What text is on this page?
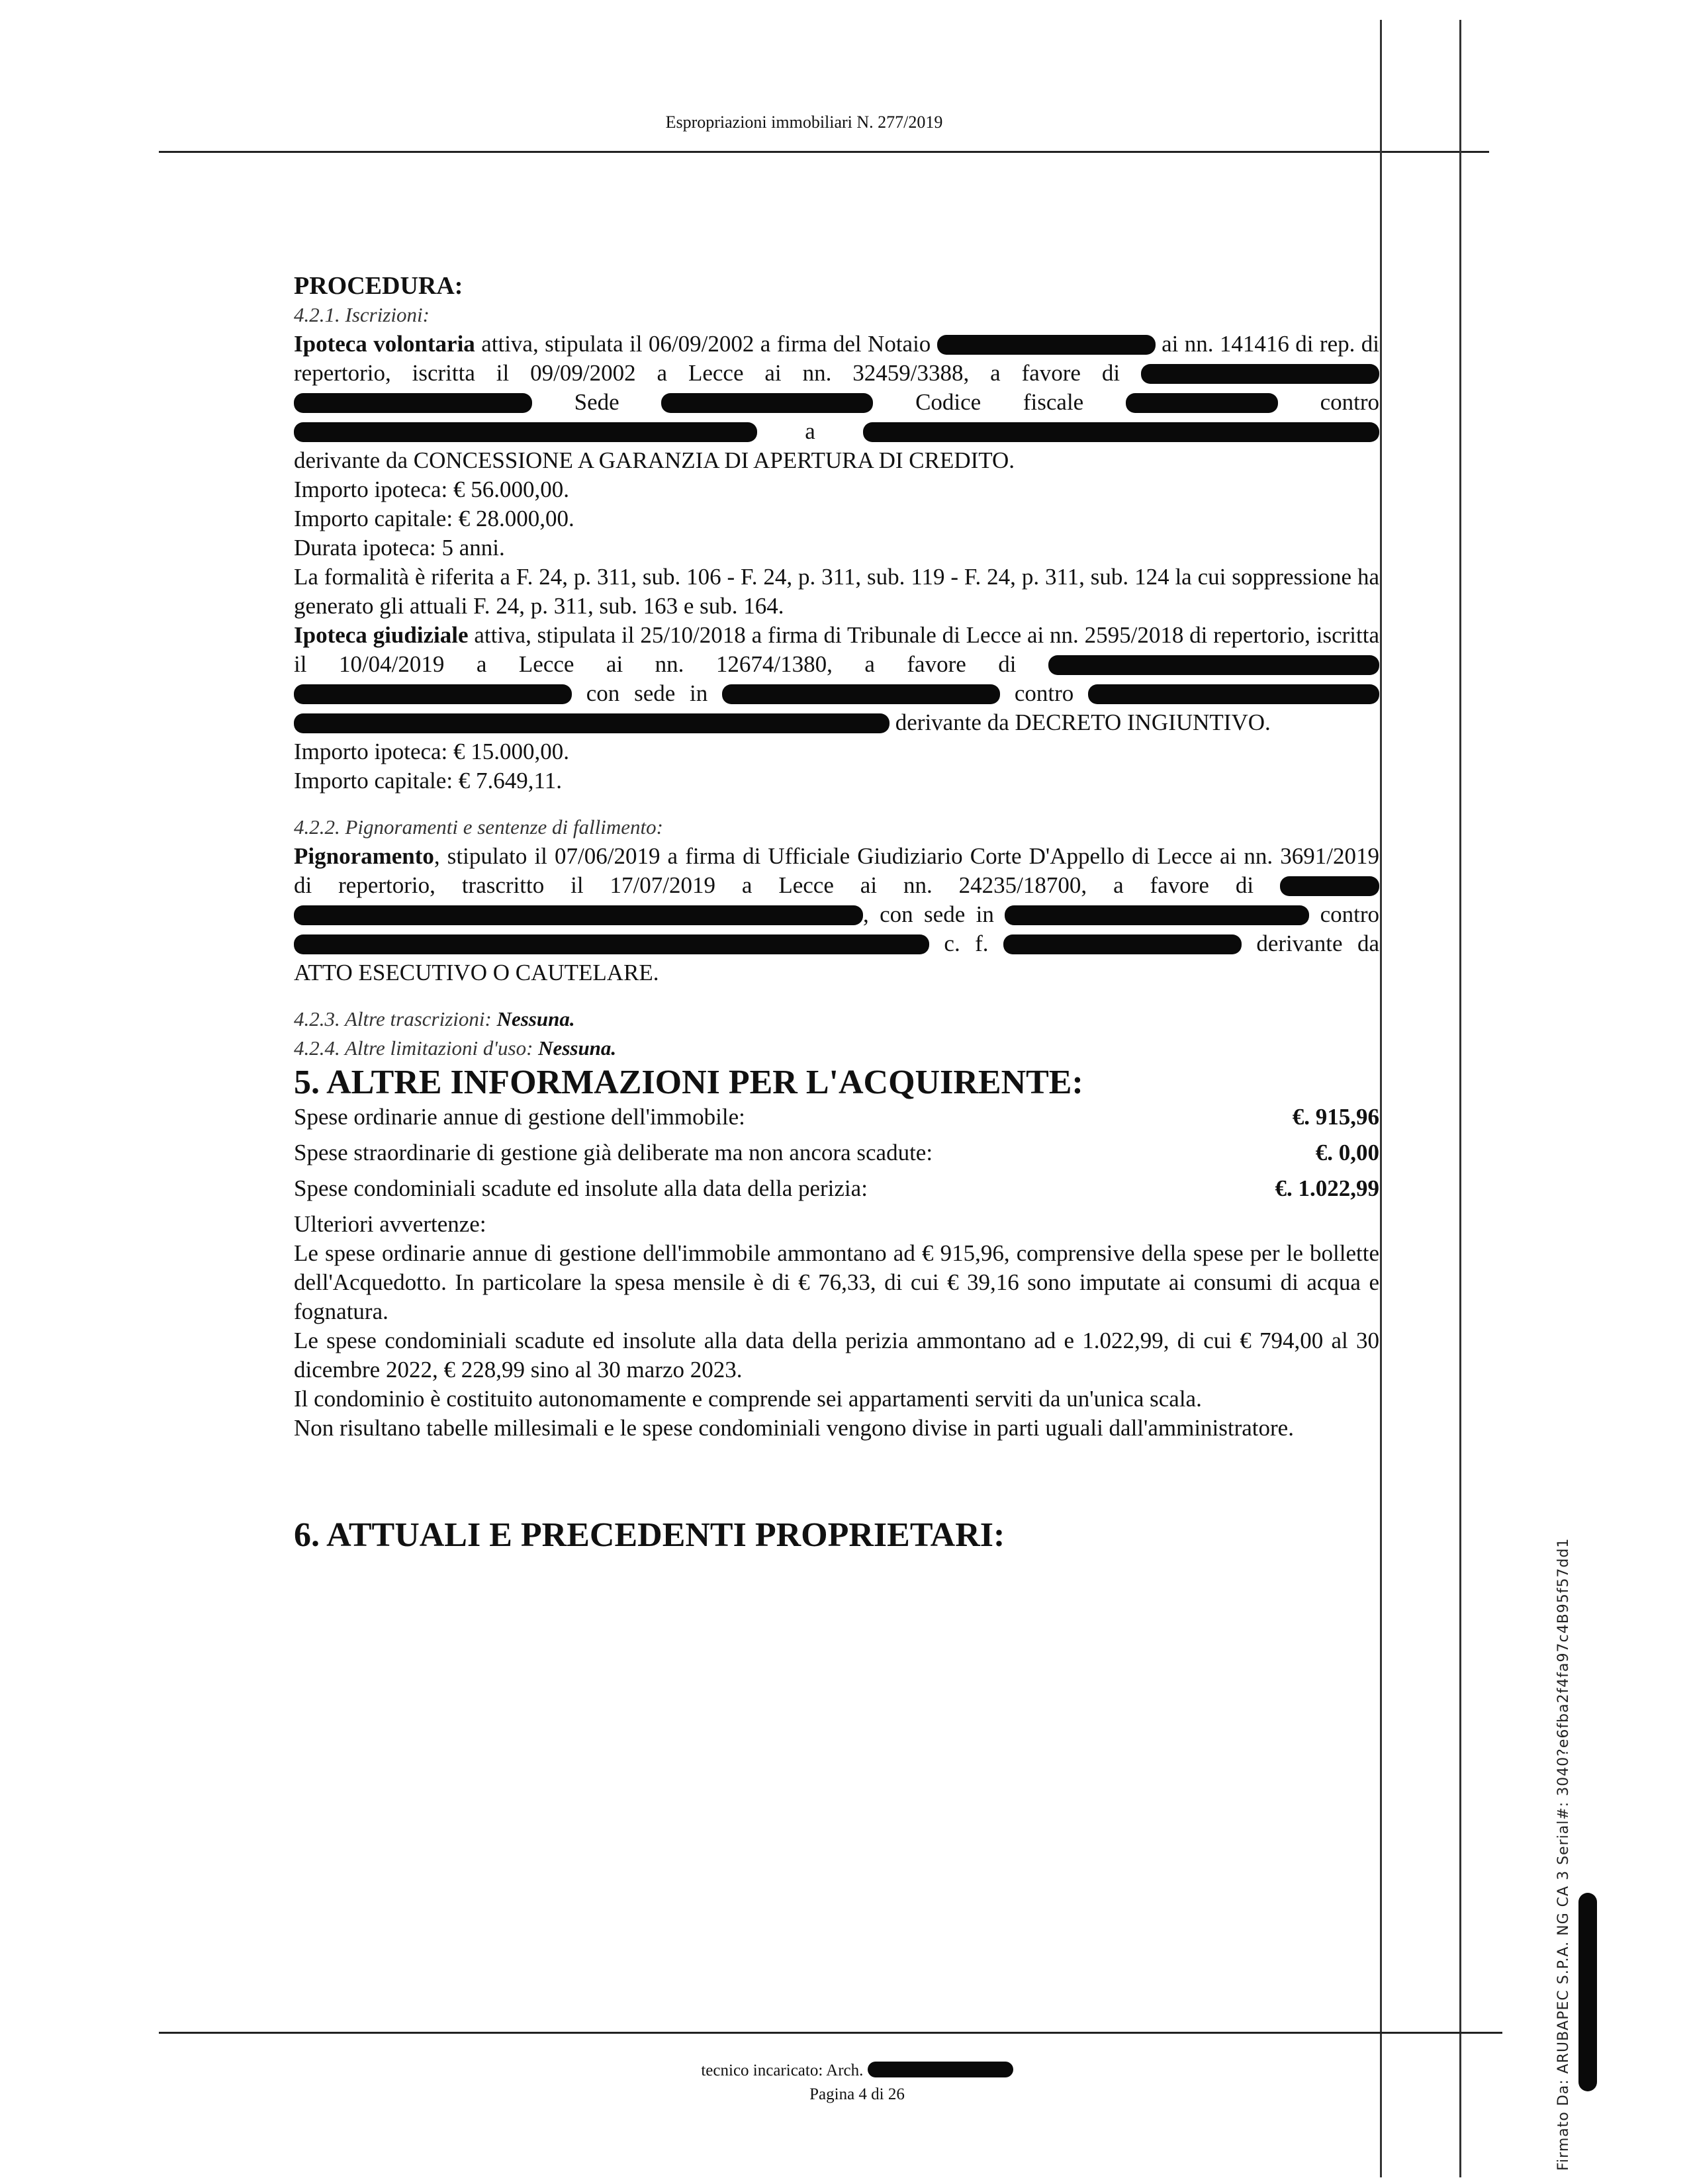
Espropriazioni immobiliari N. 277/2019

PROCEDURA:

4.2.1. Iscrizioni:

Ipoteca volontaria attiva, stipulata il 06/09/2002 a firma del Notaio	ai nn. 141416 di rep. di repertorio, iscritta il 09/09/2002 a Lecce ai nn. 32459/3388, a favore di  Sede	Codice fiscale	contro  a  derivante da CONCESSIONE A GARANZIA DI APERTURA DI CREDITO.
Importo ipoteca: € 56.000,00.
Importo capitale: € 28.000,00.
Durata ipoteca: 5 anni.
La formalità è riferita a F. 24, p. 311, sub. 106 - F. 24, p. 311, sub. 119 - F. 24, p. 311, sub. 124 la cui soppressione ha generato gli attuali F. 24, p. 311, sub. 163 e sub. 164.

Ipoteca giudiziale attiva, stipulata il 25/10/2018 a firma di Tribunale di Lecce ai nn. 2595/2018 di repertorio, iscritta il 10/04/2019 a Lecce ai nn. 12674/1380, a favore di  con sede in	contro  derivante da DECRETO INGIUNTIVO.
Importo ipoteca: € 15.000,00.
Importo capitale: € 7.649,11.

4.2.2. Pignoramenti e sentenze di fallimento:

Pignoramento, stipulato il 07/06/2019 a firma di Ufficiale Giudiziario Corte D'Appello di Lecce ai nn. 3691/2019 di repertorio, trascritto il 17/07/2019 a Lecce ai nn. 24235/18700, a favore di , con sede in	contro  c. f.	derivante da ATTO ESECUTIVO O CAUTELARE.

4.2.3. Altre trascrizioni: Nessuna.

4.2.4. Altre limitazioni d'uso: Nessuna.

5. ALTRE INFORMAZIONI PER L'ACQUIRENTE:

Spese ordinarie annue di gestione dell'immobile:	€. 915,96
Spese straordinarie di gestione già deliberate ma non ancora scadute:	€. 0,00
Spese condominiali scadute ed insolute alla data della perizia:	€. 1.022,99

Ulteriori avvertenze:

Le spese ordinarie annue di gestione dell'immobile ammontano ad € 915,96, comprensive della spese per le bollette dell'Acquedotto. In particolare la spesa mensile è di € 76,33, di cui € 39,16 sono imputate ai consumi di acqua e fognatura.

Le spese condominiali scadute ed insolute alla data della perizia ammontano ad e 1.022,99, di cui € 794,00 al 30 dicembre 2022, € 228,99 sino al 30 marzo 2023.

Il condominio è costituito autonomamente e comprende sei appartamenti serviti da un'unica scala.

Non risultano tabelle millesimali e le spese condominiali vengono divise in parti uguali dall'amministratore.

6. ATTUALI E PRECEDENTI PROPRIETARI:

tecnico incaricato: Arch.
Pagina 4 di 26	Firmato Da: ARUBAPEC S.P.A. NG CA 3 Serial#: 3040?e6fba2f4fa97c4B95f57dd1
